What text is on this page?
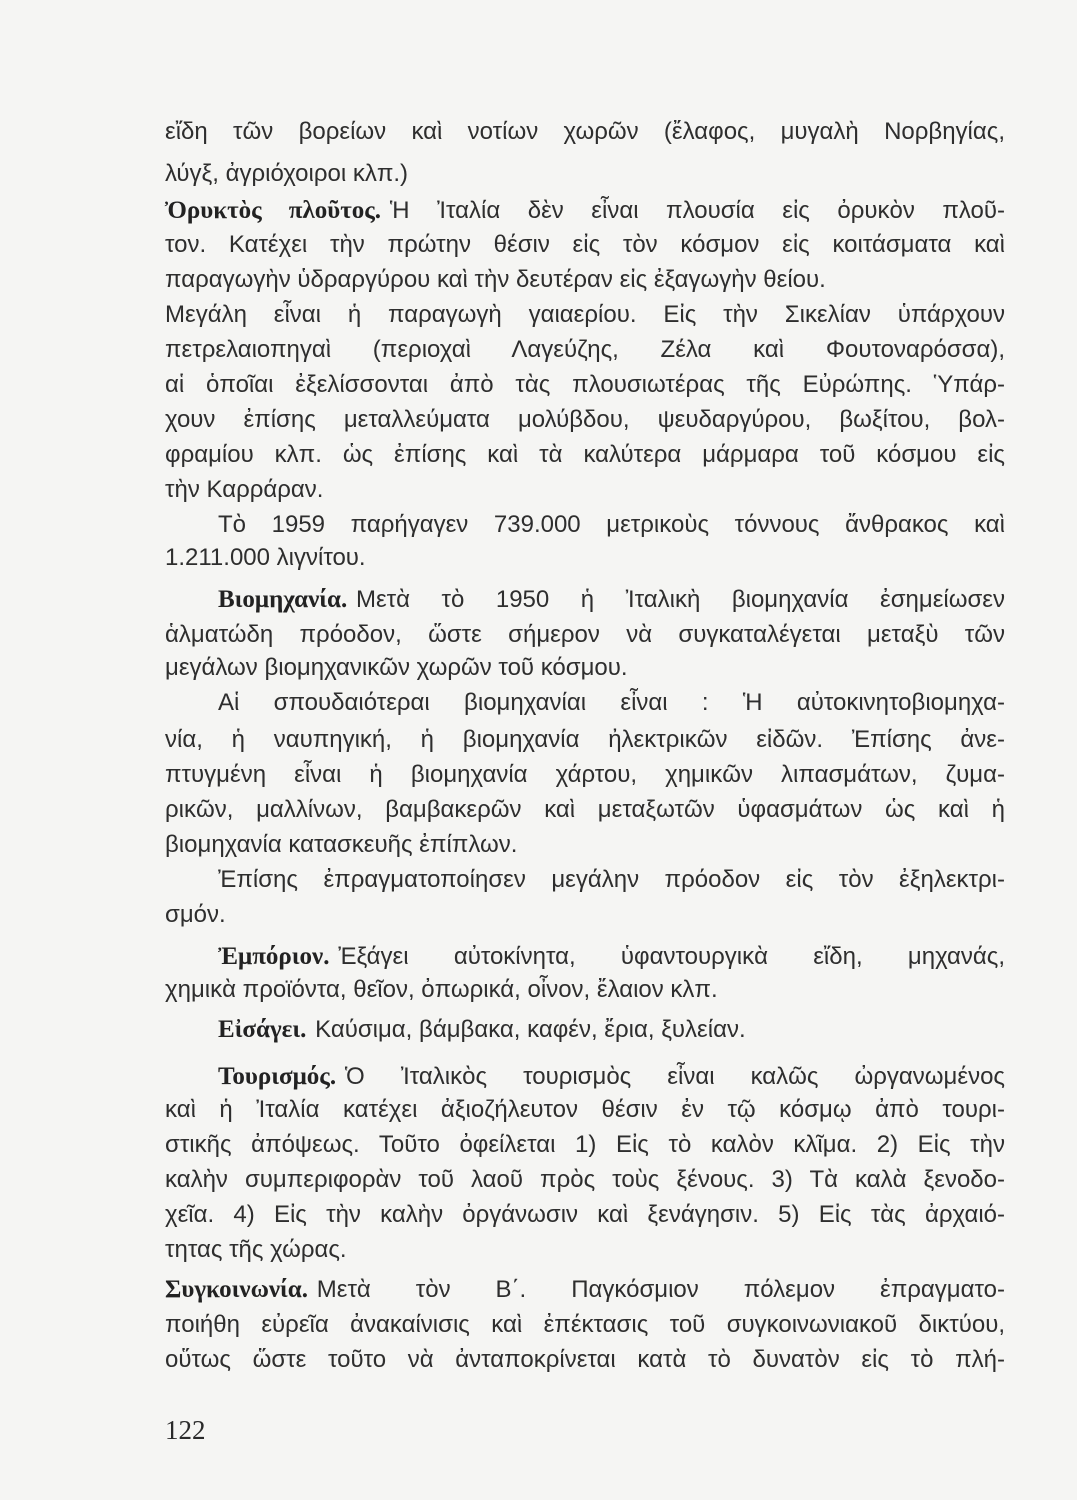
εἴδη τῶν βορείων καὶ νοτίων χωρῶν (ἔλαφος, μυγαλὴ Νορβηγίας,
λύγξ, ἀγριόχοιροι κλπ.)
Ὀρυκτὸς πλοῦτος. Ἡ Ἰταλία δὲν εἶναι πλουσία εἰς ὀρυκὸν πλοῦ-
τον. Κατέχει τὴν πρώτην θέσιν εἰς τὸν κόσμον εἰς κοιτάσματα καὶ
παραγωγὴν ὑδραργύρου καὶ τὴν δευτέραν εἰς ἐξαγωγὴν θείου.
Μεγάλη εἶναι ἡ παραγωγὴ γαιαερίου. Εἰς τὴν Σικελίαν ὑπάρχουν
πετρελαιοπηγαὶ (περιοχαὶ Λαγεύζης, Ζέλα καὶ Φουτοναρόσσα),
αἱ ὁποῖαι ἐξελίσσονται ἀπὸ τὰς πλουσιωτέρας τῆς Εὐρώπης. Ὑπάρ-
χουν ἐπίσης μεταλλεύματα μολύβδου, ψευδαργύρου, βωξίτου, βολ-
φραμίου κλπ. ὡς ἐπίσης καὶ τὰ καλύτερα μάρμαρα τοῦ κόσμου εἰς
τὴν Καρράραν.
Τὸ 1959 παρήγαγεν 739.000 μετρικοὺς τόννους ἄνθρακος καὶ
1.211.000 λιγνίτου.
Βιομηχανία. Μετὰ τὸ 1950 ἡ Ἰταλικὴ βιομηχανία ἐσημείωσεν
ἁλματώδη πρόοδον, ὥστε σήμερον νὰ συγκαταλέγεται μεταξὺ τῶν
μεγάλων βιομηχανικῶν χωρῶν τοῦ κόσμου.
Αἱ σπουδαιότεραι βιομηχανίαι εἶναι : Ἡ αὐτοκινητοβιομηχα-
νία, ἡ ναυπηγική, ἡ βιομηχανία ἠλεκτρικῶν εἰδῶν. Ἐπίσης ἀνε-
πτυγμένη εἶναι ἡ βιομηχανία χάρτου, χημικῶν λιπασμάτων, ζυμα-
ρικῶν, μαλλίνων, βαμβακερῶν καὶ μεταξωτῶν ὑφασμάτων ὡς καὶ ἡ
βιομηχανία κατασκευῆς ἐπίπλων.
Ἐπίσης ἐπραγματοποίησεν μεγάλην πρόοδον εἰς τὸν ἐξηλεκτρι-
σμόν.
Ἐμπόριον. Ἐξάγει αὐτοκίνητα, ὑφαντουργικὰ εἴδη, μηχανάς,
χημικὰ προϊόντα, θεῖον, ὀπωρικά, οἶνον, ἔλαιον κλπ.
Εἰσάγει. Καύσιμα, βάμβακα, καφέν, ἔρια, ξυλείαν.
Τουρισμός. Ὁ Ἰταλικὸς τουρισμὸς εἶναι καλῶς ὠργανωμένος
καὶ ἡ Ἰταλία κατέχει ἀξιοζήλευτον θέσιν ἐν τῷ κόσμῳ ἀπὸ τουρι-
στικῆς ἀπόψεως. Τοῦτο ὀφείλεται 1) Εἰς τὸ καλὸν κλῖμα. 2) Εἰς τὴν
καλὴν συμπεριφορὰν τοῦ λαοῦ πρὸς τοὺς ξένους. 3) Τὰ καλὰ ξενοδο-
χεῖα. 4) Εἰς τὴν καλὴν ὀργάνωσιν καὶ ξενάγησιν. 5) Εἰς τὰς ἀρχαιό-
τητας τῆς χώρας.
Συγκοινωνία. Μετὰ τὸν Β΄. Παγκόσμιον πόλεμον ἐπραγματο-
ποιήθη εὐρεῖα ἀνακαίνισις καὶ ἐπέκτασις τοῦ συγκοινωνιακοῦ δικτύου,
οὕτως ὥστε τοῦτο νὰ ἀνταποκρίνεται κατὰ τὸ δυνατὸν εἰς τὸ πλή-
122
